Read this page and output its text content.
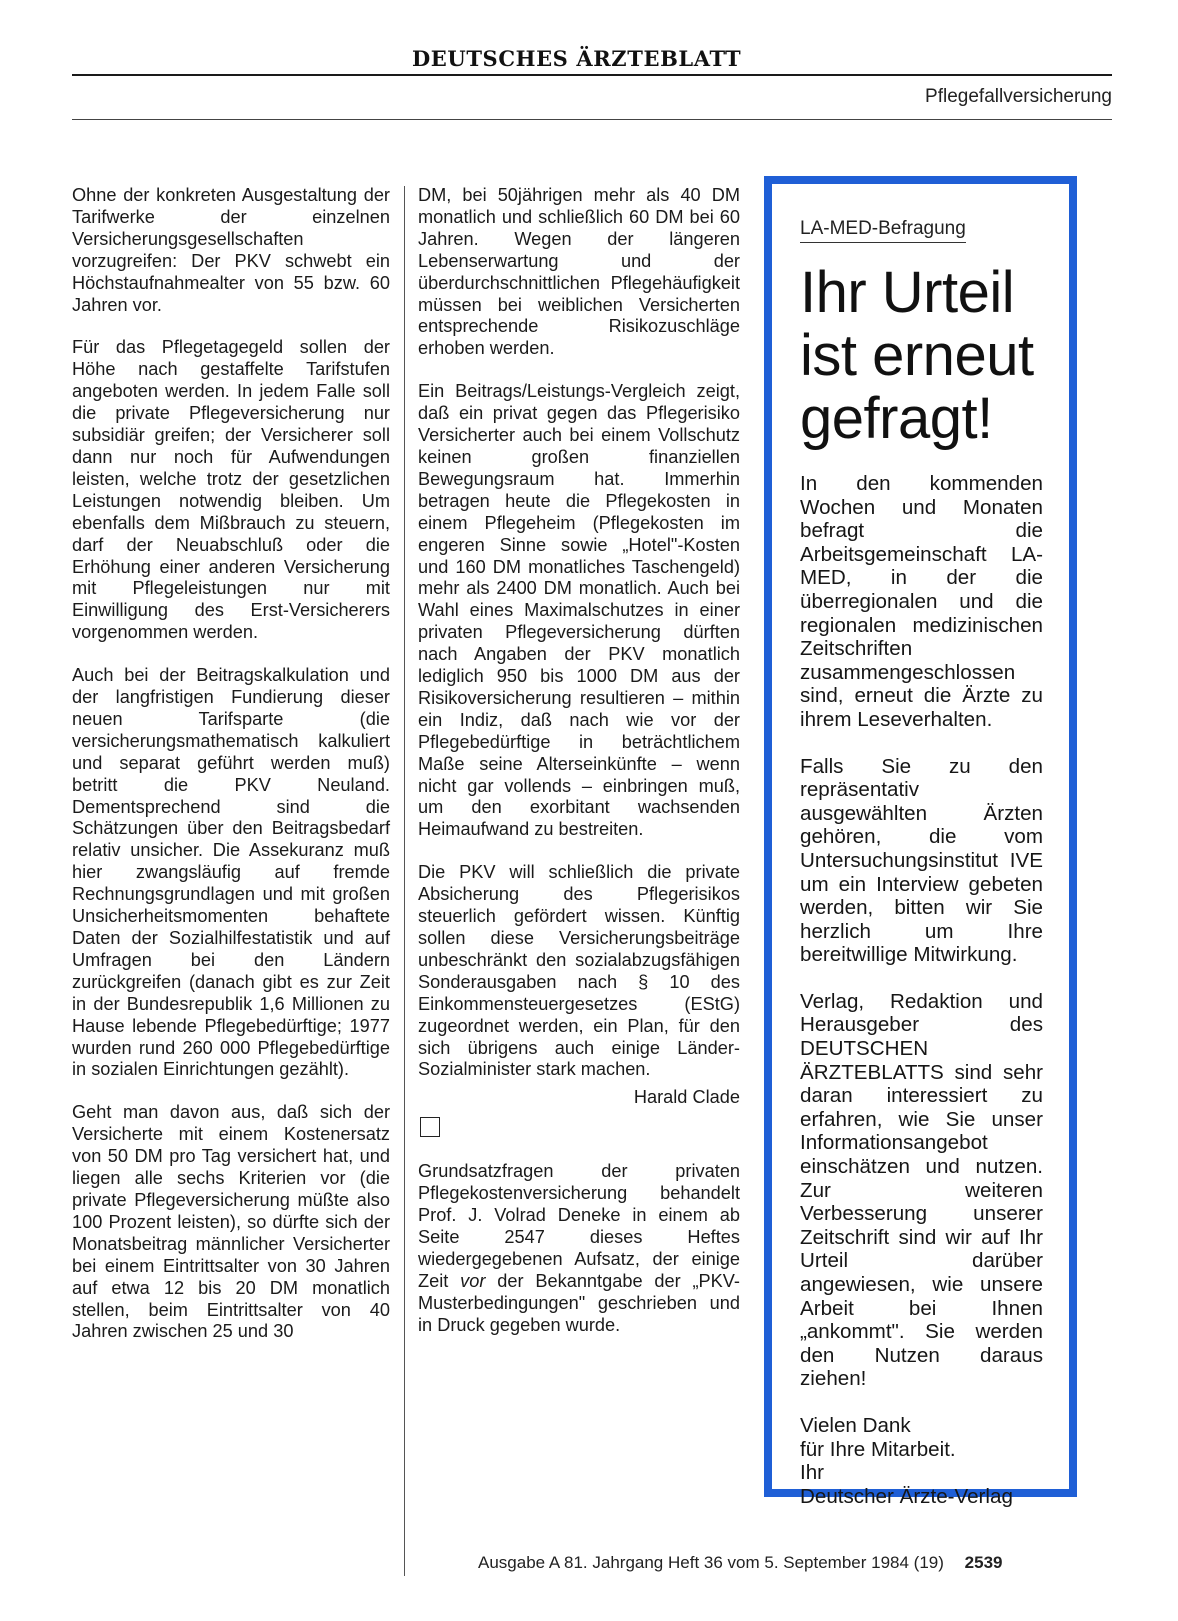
DEUTSCHES ÄRZTEBLATT
Pflegefallversicherung

Ohne der konkreten Ausgestaltung der Tarifwerke der einzelnen Versicherungsgesellschaften vorzugreifen: Der PKV schwebt ein Höchstaufnahmealter von 55 bzw. 60 Jahren vor.

Für das Pflegetagegeld sollen der Höhe nach gestaffelte Tarifstufen angeboten werden. In jedem Falle soll die private Pflegeversicherung nur subsidiär greifen; der Versicherer soll dann nur noch für Aufwendungen leisten, welche trotz der gesetzlichen Leistungen notwendig bleiben. Um ebenfalls dem Mißbrauch zu steuern, darf der Neuabschluß oder die Erhöhung einer anderen Versicherung mit Pflegeleistungen nur mit Einwilligung des Erst-Versicherers vorgenommen werden.

Auch bei der Beitragskalkulation und der langfristigen Fundierung dieser neuen Tarifsparte (die versicherungsmathematisch kalkuliert und separat geführt werden muß) betritt die PKV Neuland. Dementsprechend sind die Schätzungen über den Beitragsbedarf relativ unsicher. Die Assekuranz muß hier zwangsläufig auf fremde Rechnungsgrundlagen und mit großen Unsicherheitsmomenten behaftete Daten der Sozialhilfestatistik und auf Umfragen bei den Ländern zurückgreifen (danach gibt es zur Zeit in der Bundesrepublik 1,6 Millionen zu Hause lebende Pflegebedürftige; 1977 wurden rund 260 000 Pflegebedürftige in sozialen Einrichtungen gezählt).

Geht man davon aus, daß sich der Versicherte mit einem Kostenersatz von 50 DM pro Tag versichert hat, und liegen alle sechs Kriterien vor (die private Pflegeversicherung müßte also 100 Prozent leisten), so dürfte sich der Monatsbeitrag männlicher Versicherter bei einem Eintrittsalter von 30 Jahren auf etwa 12 bis 20 DM monatlich stellen, beim Eintrittsalter von 40 Jahren zwischen 25 und 30

DM, bei 50jährigen mehr als 40 DM monatlich und schließlich 60 DM bei 60 Jahren. Wegen der längeren Lebenserwartung und der überdurchschnittlichen Pflegehäufigkeit müssen bei weiblichen Versicherten entsprechende Risikozuschläge erhoben werden.

Ein Beitrags/Leistungs-Vergleich zeigt, daß ein privat gegen das Pflegerisiko Versicherter auch bei einem Vollschutz keinen großen finanziellen Bewegungsraum hat. Immerhin betragen heute die Pflegekosten in einem Pflegeheim (Pflegekosten im engeren Sinne sowie „Hotel"-Kosten und 160 DM monatliches Taschengeld) mehr als 2400 DM monatlich. Auch bei Wahl eines Maximalschutzes in einer privaten Pflegeversicherung dürften nach Angaben der PKV monatlich lediglich 950 bis 1000 DM aus der Risikoversicherung resultieren – mithin ein Indiz, daß nach wie vor der Pflegebedürftige in beträchtlichem Maße seine Alterseinkünfte – wenn nicht gar vollends – einbringen muß, um den exorbitant wachsenden Heimaufwand zu bestreiten.

Die PKV will schließlich die private Absicherung des Pflegerisikos steuerlich gefördert wissen. Künftig sollen diese Versicherungsbeiträge unbeschränkt den sozialabzugsfähigen Sonderausgaben nach § 10 des Einkommensteuergesetzes (EStG) zugeordnet werden, ein Plan, für den sich übrigens auch einige Länder-Sozialminister stark machen.

Harald Clade

Grundsatzfragen der privaten Pflegekostenversicherung behandelt Prof. J. Volrad Deneke in einem ab Seite 2547 dieses Heftes wiedergegebenen Aufsatz, der einige Zeit vor der Bekanntgabe der „PKV-Musterbedingungen" geschrieben und in Druck gegeben wurde.

LA-MED-Befragung
Ihr Urteil ist erneut gefragt!

In den kommenden Wochen und Monaten befragt die Arbeitsgemeinschaft LA-MED, in der die überregionalen und die regionalen medizinischen Zeitschriften zusammengeschlossen sind, erneut die Ärzte zu ihrem Leseverhalten.

Falls Sie zu den repräsentativ ausgewählten Ärzten gehören, die vom Untersuchungsinstitut IVE um ein Interview gebeten werden, bitten wir Sie herzlich um Ihre bereitwillige Mitwirkung.

Verlag, Redaktion und Herausgeber des DEUTSCHEN ÄRZTEBLATTS sind sehr daran interessiert zu erfahren, wie Sie unser Informationsangebot einschätzen und nutzen. Zur weiteren Verbesserung unserer Zeitschrift sind wir auf Ihr Urteil darüber angewiesen, wie unsere Arbeit bei Ihnen „ankommt". Sie werden den Nutzen daraus ziehen!

Vielen Dank
für Ihre Mitarbeit.
Ihr
Deutscher Ärzte-Verlag
Ausgabe A 81. Jahrgang Heft 36 vom 5. September 1984 (19) 2539
